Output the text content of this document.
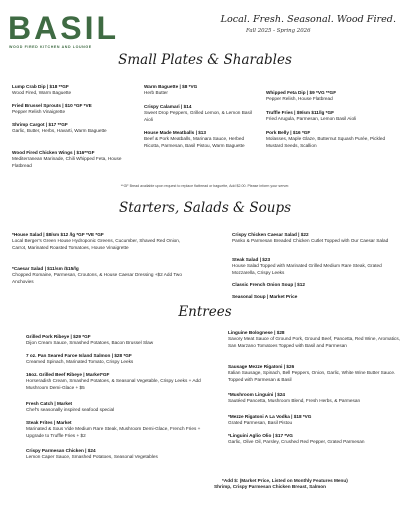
BASIL
WOOD FIRED KITCHEN AND LOUNGE
Local. Fresh. Seasonal. Wood Fired.
Fall 2025 - Spring 2026
Small Plates & Sharables
Lump Crab Dip | $18 **GF
Wood Fired, Warm Baguette
Fried Brussel Sprouts | $10 *GF *VE
Pepper Relish Vinaigrette
Shrimp Cargot | $17 **GF
Garlic, Butter, Herbs, Havarti, Warm Baguette
Wood Fired Chicken Wings | $16**GF
Mediterranean Marinade, Chili Whipped Feta, House Flatbread
Warm Baguette | $8 *VG
Herb Butter
Crispy Calamari | $14
Sweet Drop Peppers, Grilled Lemon, & Lemon Basil Aioli
House Made Meatballs | $13
Beef & Pork Meatballs, Marinara Sauce, Herbed Ricotta, Parmesan, Basil Pistou, Warm Baguette
Whipped Feta Dip | $9 *VG **GF
Pepper Relish, House Flatbread
Truffle Fries | $9/sm $11/lg *GF
Fried Arugula, Parmesan, Lemon Basil Aioli
Pork Belly | $16 *GF
Molasses, Maple Glaze, Butternut Squash Purée, Pickled Mustard Seeds, Scallion
**GF Bread available upon request to replace flatbread or baguette, Add $2.00. Please inform your server.
Starters, Salads & Soups
*House Salad | $8/sm $12 /lg *GF *VE *GF
Local Berger's Green House Hydroponic Greens, Cucumber, Shaved Red Onion, Carrot, Marinated Roasted Tomatoes, House Vinaigrette
*Caesar Salad | $11/sm /$15/lg
Chopped Romaine, Parmesan, Croutons, & House Caesar Dressing +$2 Add Two Anchovies
Crispy Chicken Caesar Salad | $22
Panko & Parmesan Breaded Chicken Cutlet Topped with Our Caesar Salad
Steak Salad | $23
House Salad Topped with Marinated Grilled Medium Rare Steak, Grated Mozzarella, Crispy Leeks
Classic French Onion Soup | $12
Seasonal Soup | Market Price
Entrees
Grilled Pork Ribeye | $29 *GF
Dijon Cream Sauce, Smashed Potatoes, Bacon Brussel Slaw
7 oz. Pan Seared Faroe Island Salmon | $28 *GF
Creamed Spinach, Marinated Tomato, Crispy Leeks
16oz. Grilled Beef Ribeye | Market*GF
Horseradish Cream, Smashed Potatoes, & Seasonal Vegetable, Crispy Leeks + Add Mushroom Demi-Glace + $5
Fresh Catch | Market
Chef's seasonally inspired seafood special
Steak Frites | Market
Marinated & Sous Vide Medium Rare Steak, Mushroom Demi-Glace, French Fries + Upgrade to Truffle Fries + $2
Crispy Parmesan Chicken | $24
Lemon Caper Sauce, Smashed Potatoes, Seasonal Vegetables
Linguine Bolognese | $28
Savory Meat Sauce of Ground Pork, Ground Beef, Pancetta, Red Wine, Aromatics, San Marzano Tomatoes Topped with Basil and Parmesan
Sausage Mezze Rigatoni | $26
Italian Sausage, Spinach, Bell Peppers, Onion, Garlic, White Wine Butter Sauce. Topped with Parmesan & Basil
*Mushroom Linguini | $24
Sautéed Pancetta, Mushroom Blend, Fresh Herbs, & Parmesan
*Mezze Rigatoni A La Vodka | $18 *VG
Grated Parmesan, Basil Pistou
*Linguini Aglio Olio | $17 *VG
Garlic, Olive Oil, Parsley, Crushed Red Pepper, Grated Parmesan
*Add $: (Market Price, Listed on Monthly Features Menu)
Shrimp, Crispy Parmesan Chicken Breast, Salmon
